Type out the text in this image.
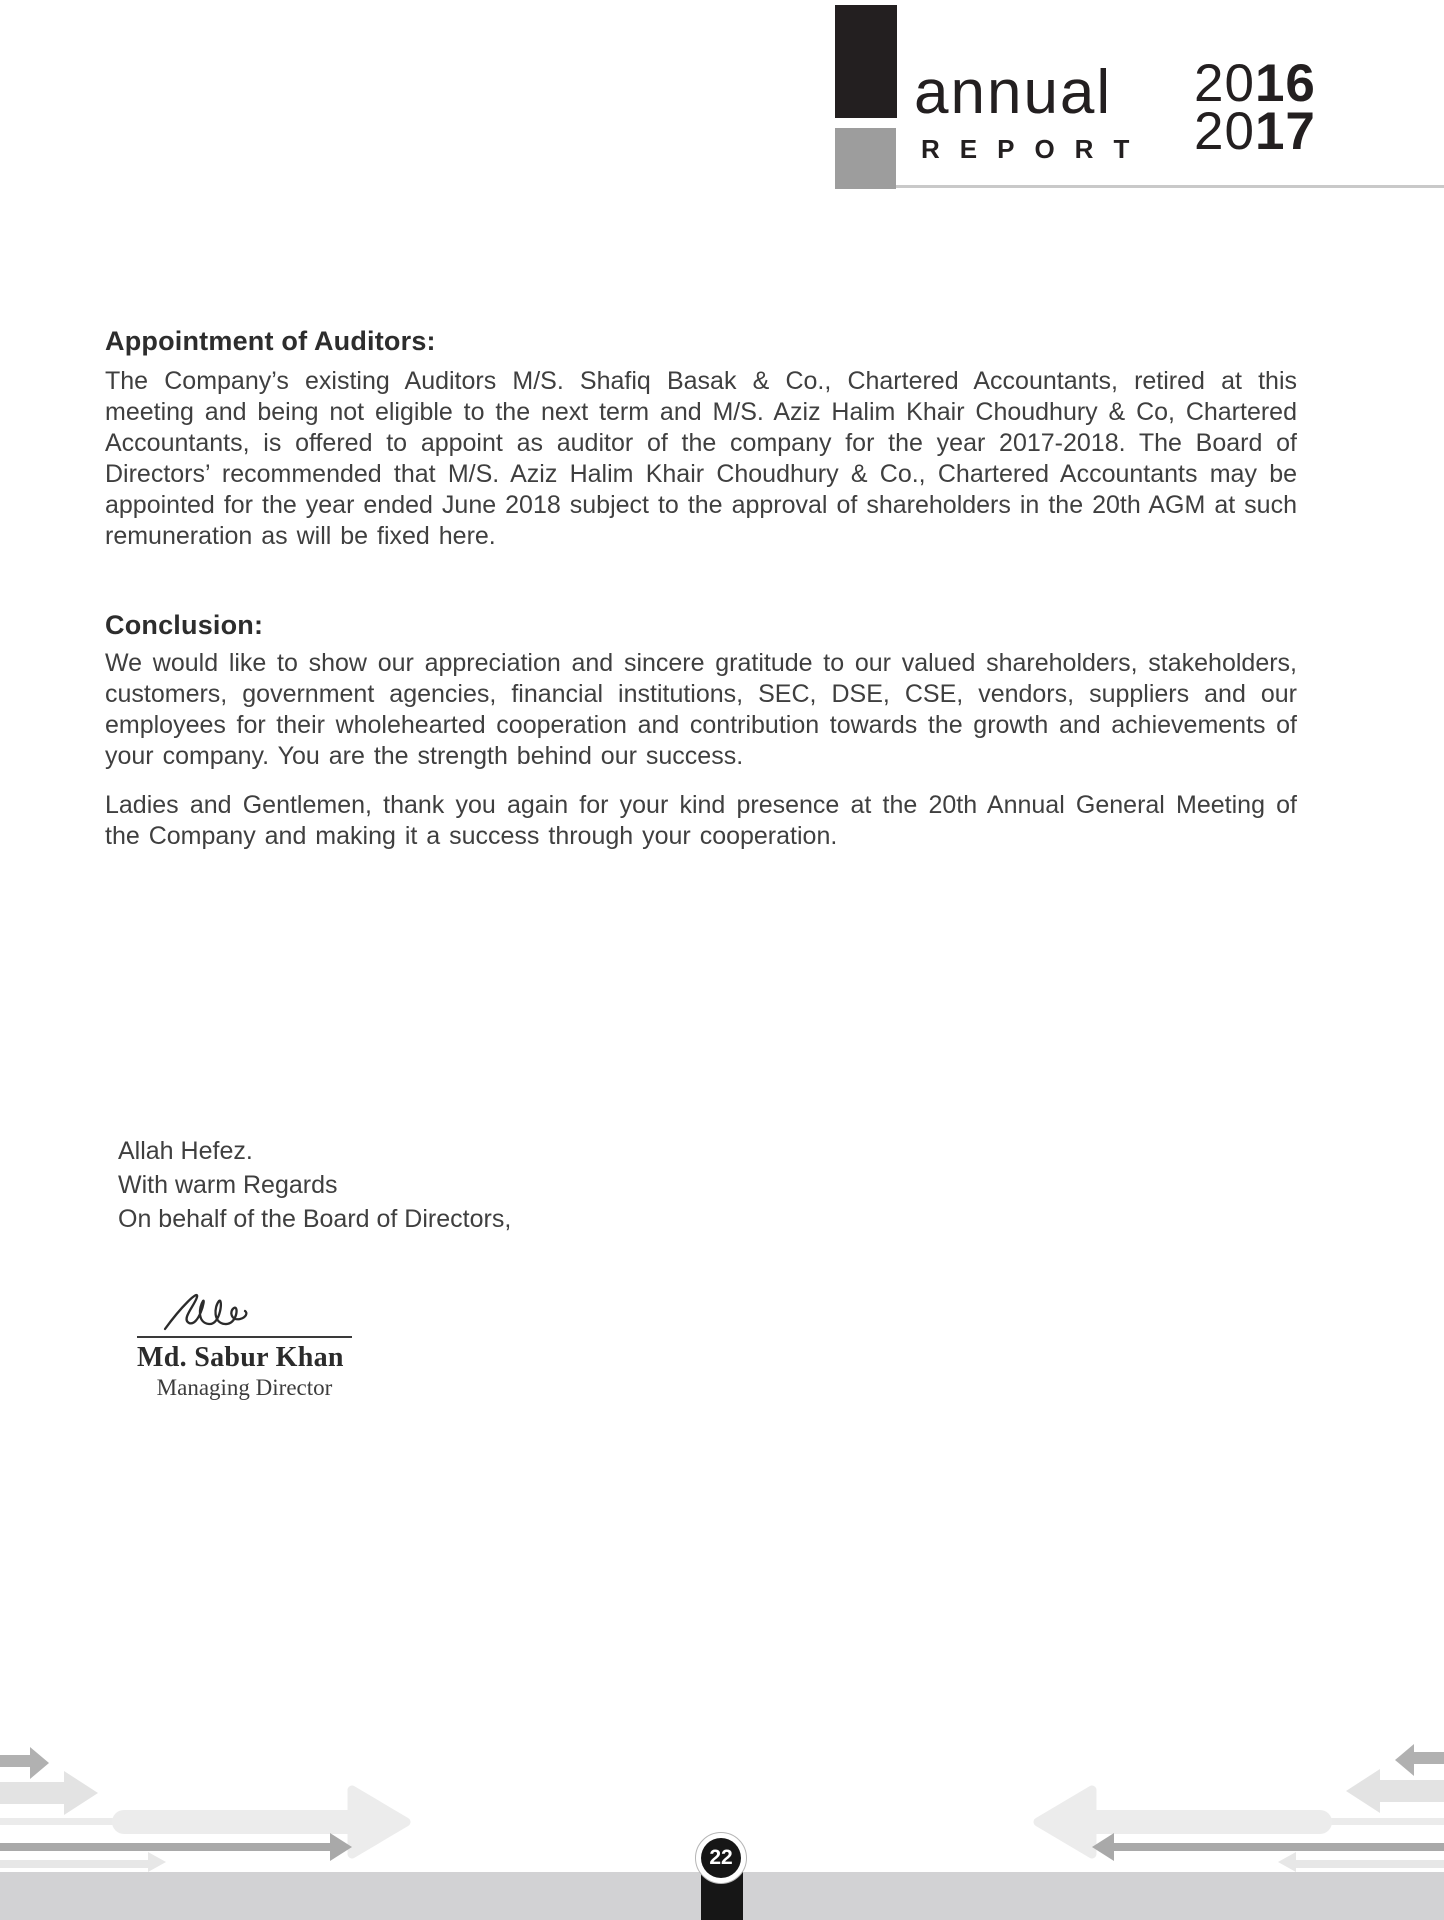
annual
REPORT
2016
2017
Appointment of Auditors:

The Company’s existing Auditors M/S. Shafiq Basak & Co., Chartered Accountants, retired at this meeting and being not eligible to the next term and M/S. Aziz Halim Khair Choudhury & Co, Chartered Accountants, is offered to appoint as auditor of the company for the year 2017-2018. The Board of Directors’ recommended that M/S. Aziz Halim Khair Choudhury & Co., Chartered Accountants may be appointed for the year ended June 2018 subject to the approval of shareholders in the 20th AGM at such remuneration as will be fixed here.

Conclusion:

We would like to show our appreciation and sincere gratitude to our valued shareholders, stakeholders, customers, government agencies, financial institutions, SEC, DSE, CSE, vendors, suppliers and our employees for their wholehearted cooperation and contribution towards the growth and achievements of your company. You are the strength behind our success.

Ladies and Gentlemen, thank you again for your kind presence at the 20th Annual General Meeting of the Company and making it a success through your cooperation.

Allah Hefez.
With warm Regards
On behalf of the Board of Directors,
Md. Sabur Khan
Managing Director
22
